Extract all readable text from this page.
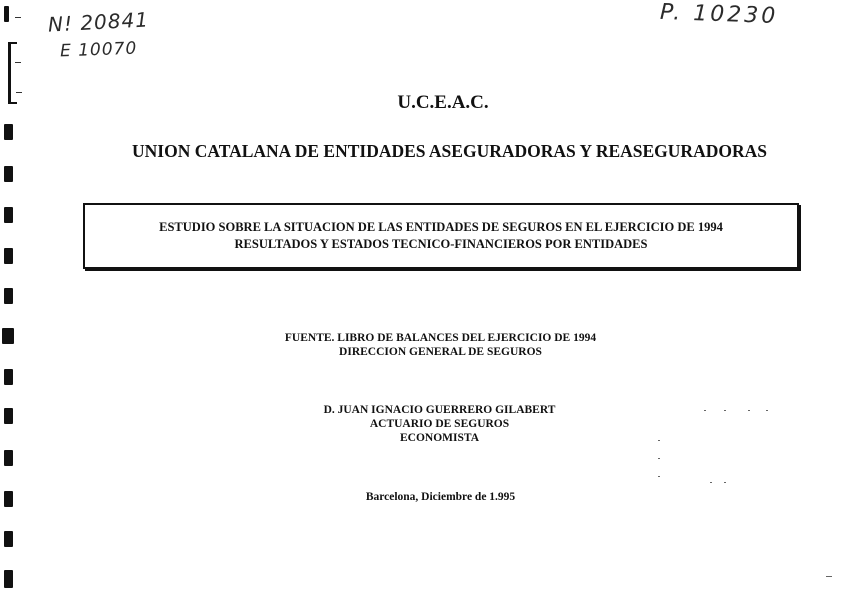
N! 20841
E 10070
P. 10230
U.C.E.A.C.
UNION CATALANA DE ENTIDADES ASEGURADORAS Y REASEGURADORAS
ESTUDIO SOBRE LA SITUACION DE LAS ENTIDADES DE SEGUROS EN EL EJERCICIO DE 1994
RESULTADOS Y ESTADOS TECNICO-FINANCIEROS POR ENTIDADES
FUENTE. LIBRO DE BALANCES DEL EJERCICIO DE 1994
DIRECCION GENERAL DE SEGUROS
D. JUAN IGNACIO GUERRERO GILABERT
ACTUARIO DE SEGUROS
ECONOMISTA
Barcelona, Diciembre de 1.995
